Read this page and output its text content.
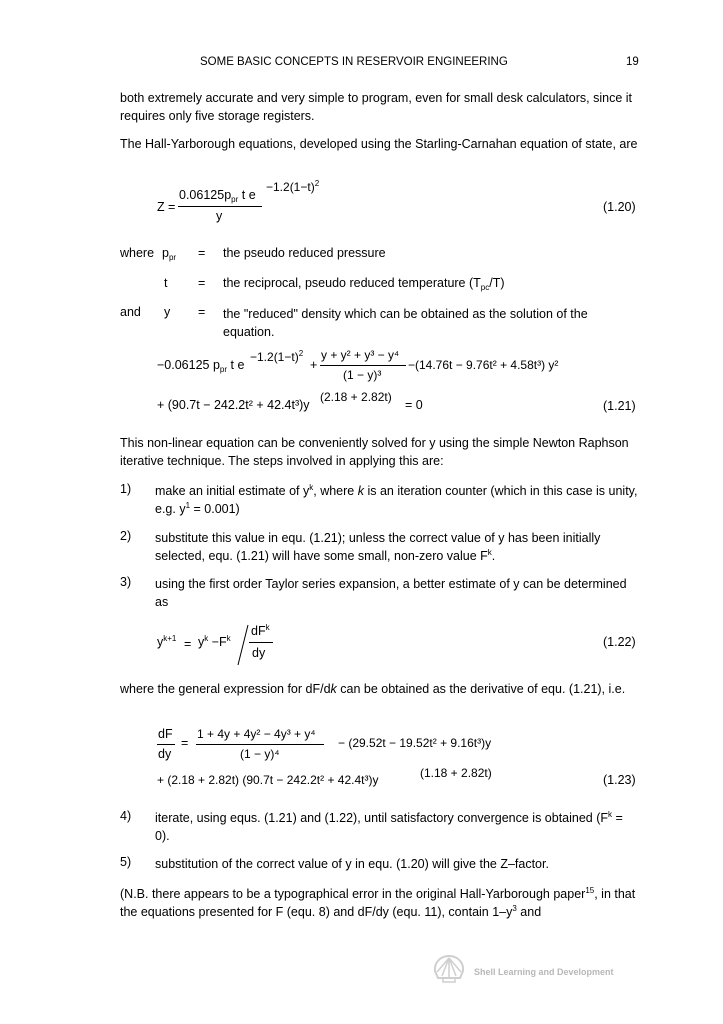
SOME BASIC CONCEPTS IN RESERVOIR ENGINEERING	19
both extremely accurate and very simple to program, even for small desk calculators, since it requires only five storage registers.
The Hall-Yarborough equations, developed using the Starling-Carnahan equation of state, are
Z =
$0.06125p_{pr}$ t e
$-1.2(1-t)^2$
y
(1.20)
where $p_{pr}$ = the pseudo reduced pressure
t = the reciprocal, pseudo reduced temperature $(T_{pc}/T)$
and y = the "reduced" density which can be obtained as the solution of the equation.
−0.06125 $p_{pr}$ t e
$-1.2(1-t)^2$
+
y + y² + y³ − y⁴
(1 − y)³
−(14.76t − 9.76t² + 4.58t³) y²
+ (90.7t − 242.2t² + 42.4t³)y
(2.18 + 2.82t)
= 0	(1.21)
This non-linear equation can be conveniently solved for y using the simple Newton Raphson iterative technique. The steps involved in applying this are:
1) make an initial estimate of $y^k$, where k is an iteration counter (which in this case is unity, e.g. $y^1 = 0.001$)
2) substitute this value in equ. (1.21); unless the correct value of y has been initially selected, equ. (1.21) will have some small, non-zero value $F^k$.
3) using the first order Taylor series expansion, a better estimate of y can be determined as
$y^{k+1} = y^k -F^k$
$dF^k$
dy
(1.22)
where the general expression for dF/dk can be obtained as the derivative of equ. (1.21), i.e.
dF
dy
=
1 + 4y + 4y² − 4y³ + y⁴
(1 − y)⁴
− (29.52t − 19.52t² + 9.16t³)y
+ (2.18 + 2.82t) (90.7t − 242.2t² + 42.4t³)y	(1.18 + 2.82t)	(1.23)
4) iterate, using equs. (1.21) and (1.22), until satisfactory convergence is obtained $(F^k = 0)$.
5) substitution of the correct value of y in equ. (1.20) will give the Z–factor.
(N.B. there appears to be a typographical error in the original Hall-Yarborough paper$^{15}$, in that the equations presented for F (equ. 8) and dF/dy (equ. 11), contain $1-y^3$ and
Shell Learning and Development
